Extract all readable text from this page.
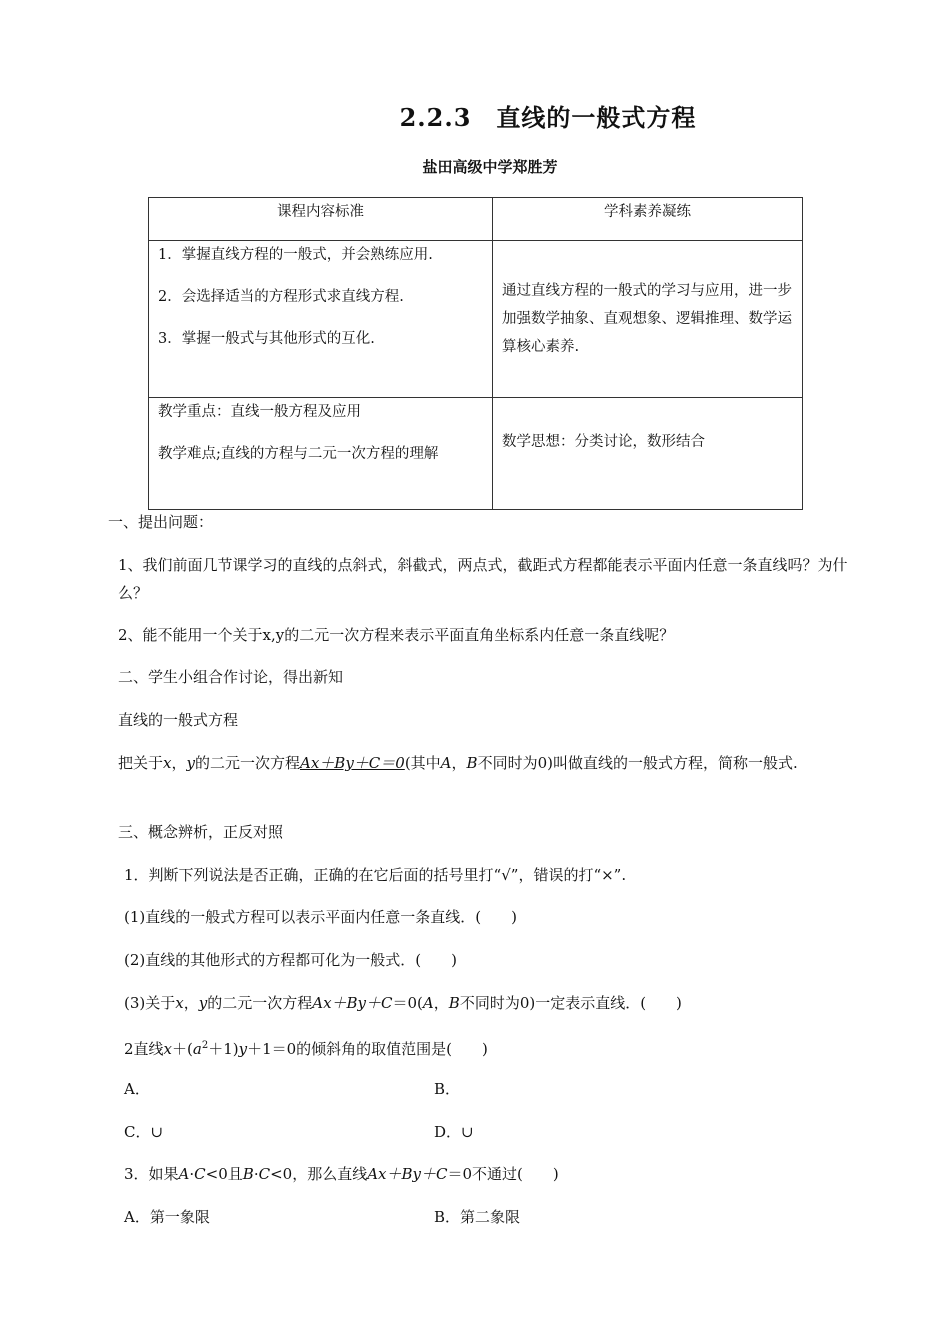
2.2.3　直线的一般式方程
盐田高级中学郑胜芳
课程内容标准	学科素养凝练

1．掌握直线方程的一般式，并会熟练应用.

2．会选择适当的方程形式求直线方程.

3．掌握一般式与其他形式的互化.	通过直线方程的一般式的学习与应用，进一步加强数学抽象、直观想象、逻辑推理、数学运算核心素养.

教学重点：直线一般方程及应用

教学难点;直线的方程与二元一次方程的理解	数学思想：分类讨论，数形结合

一、提出问题：
1、我们前面几节课学习的直线的点斜式，斜截式，两点式，截距式方程都能表示平面内任意一条直线吗？为什么？
2、能不能用一个关于x,y的二元一次方程来表示平面直角坐标系内任意一条直线呢？
二、学生小组合作讨论，得出新知
直线的一般式方程
把关于x，y的二元一次方程Ax＋By＋C＝0(其中A，B不同时为0)叫做直线的一般式方程，简称一般式.
三、概念辨析，正反对照
1．判断下列说法是否正确，正确的在它后面的括号里打“√”，错误的打“×”.
(1)直线的一般式方程可以表示平面内任意一条直线．(　　)
(2)直线的其他形式的方程都可化为一般式．(　　)
(3)关于x，y的二元一次方程Ax＋By＋C＝0(A，B不同时为0)一定表示直线．(　　)
2直线$x+(a^2+1)y+1=0$的倾斜角的取值范围是(　　)
A．	B．
C．∪	D．∪
3．如果A·C<0且B·C<0，那么直线Ax＋By＋C＝0不通过(　　)
A．第一象限	B．第二象限
